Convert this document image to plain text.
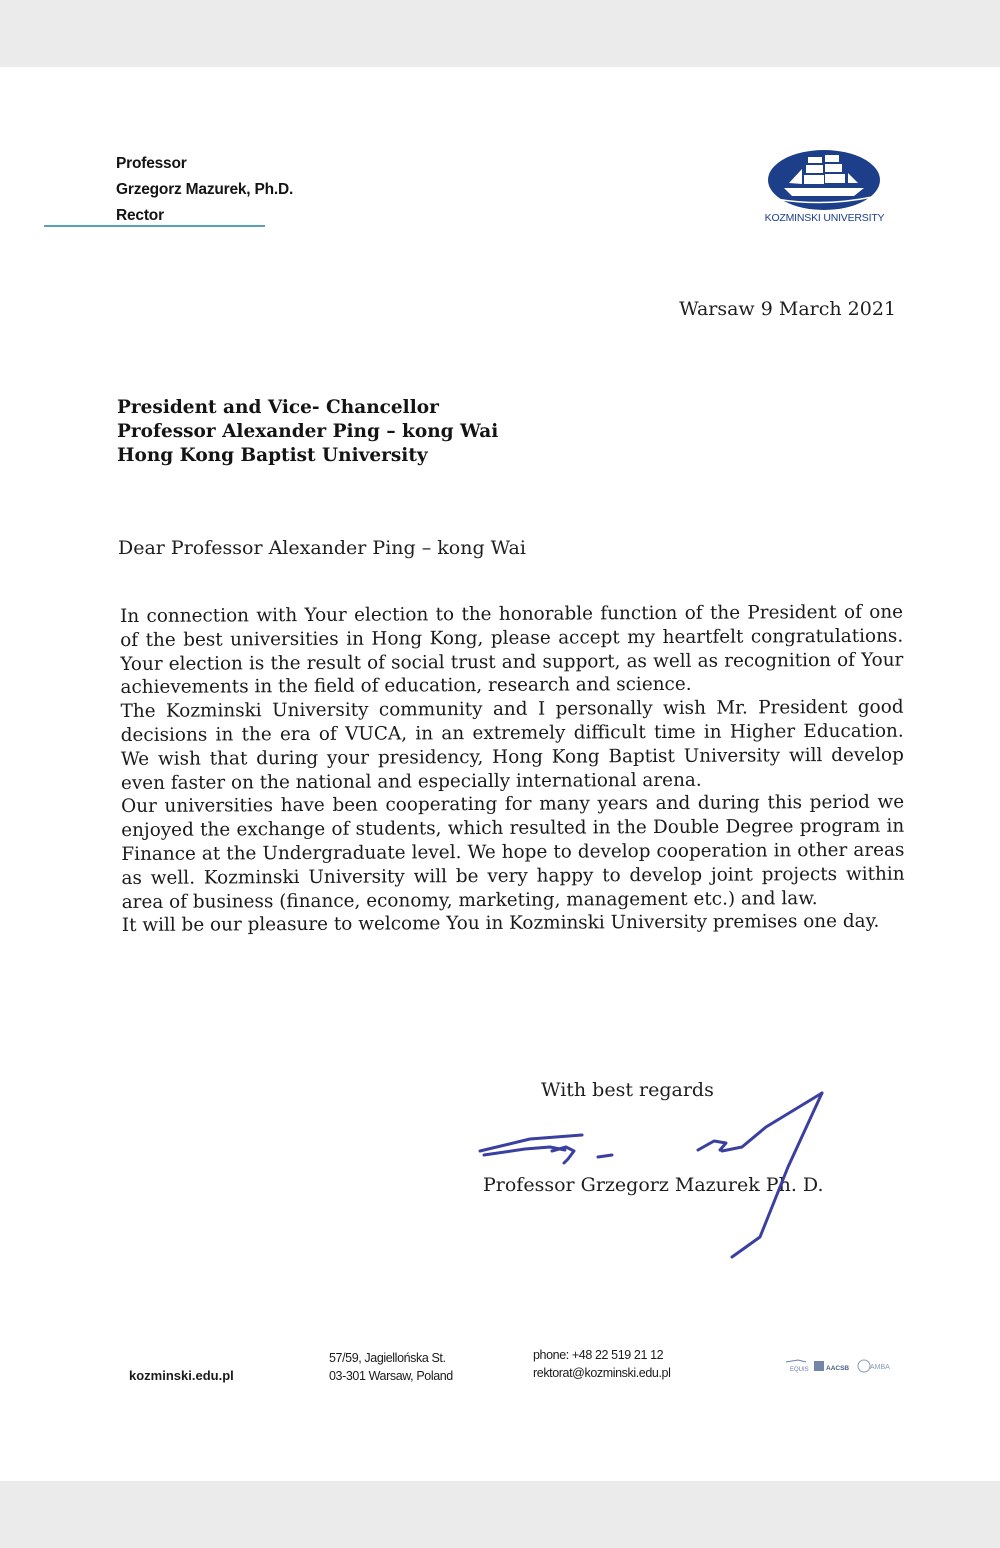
Professor
Grzegorz Mazurek, Ph.D.
Rector	KOZMINSKI UNIVERSITY
Warsaw 9 March 2021
President and Vice- Chancellor
Professor Alexander Ping – kong Wai
Hong Kong Baptist University
Dear Professor Alexander Ping – kong Wai

In connection with Your election to the honorable function of the President of one of the best universities in Hong Kong, please accept my heartfelt congratulations. Your election is the result of social trust and support, as well as recognition of Your achievements in the field of education, research and science.

The Kozminski University community and I personally wish Mr. President good decisions in the era of VUCA, in an extremely difficult time in Higher Education. We wish that during your presidency, Hong Kong Baptist University will develop even faster on the national and especially international arena.

Our universities have been cooperating for many years and during this period we enjoyed the exchange of students, which resulted in the Double Degree program in Finance at the Undergraduate level. We hope to develop cooperation in other areas as well. Kozminski University will be very happy to develop joint projects within area of business (finance, economy, marketing, management etc.) and law.

It will be our pleasure to welcome You in Kozminski University premises one day.

With best regards
Professor Grzegorz Mazurek Ph. D.
kozminski.edu.pl
57/59, Jagiellońska St.
03-301 Warsaw, Poland
phone: +48 22 519 21 12
rektorat@kozminski.edu.pl	EQUIS	AACSB	AMBA
